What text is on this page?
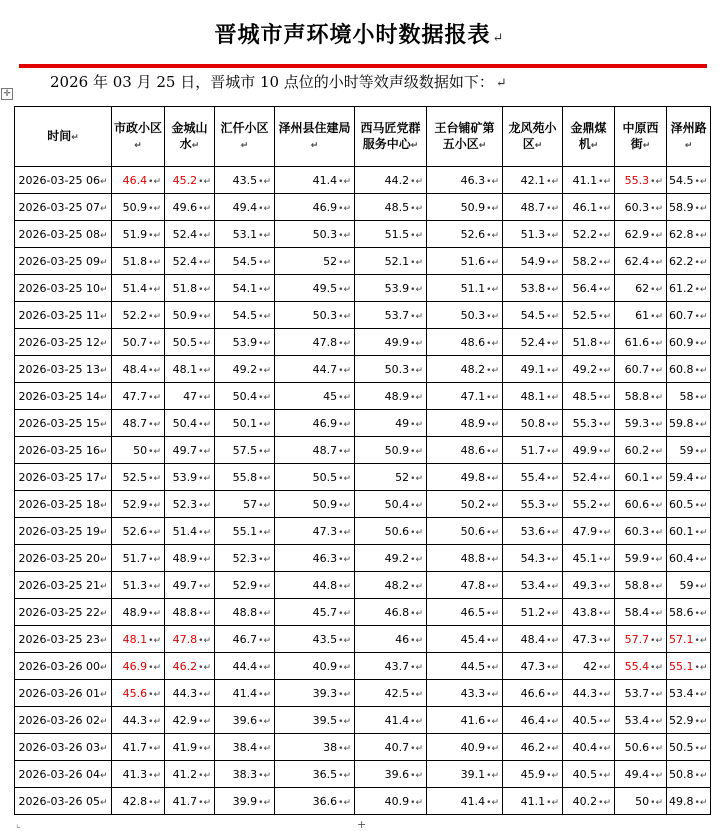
晋城市声环境小时数据报表 ↵
2026 年 03 月 25 日，晋城市 10 点位的小时等效声级数据如下： ↵
✛
时间↵	市政小区↵	金城山水↵	汇仟小区↵	泽州县住建局↵	西马匠党群服务中心↵	王台铺矿第五小区↵	龙风苑小区↵	金鼎煤机↵	中原西街↵	泽州路↵
2026-03-25 06↵	46.4•↵	45.2•↵	43.5•↵	41.4•↵	44.2•↵	46.3•↵	42.1•↵	41.1•↵	55.3•↵	54.5•↵
2026-03-25 07↵	50.9•↵	49.6•↵	49.4•↵	46.9•↵	48.5•↵	50.9•↵	48.7•↵	46.1•↵	60.3•↵	58.9•↵
2026-03-25 08↵	51.9•↵	52.4•↵	53.1•↵	50.3•↵	51.5•↵	52.6•↵	51.3•↵	52.2•↵	62.9•↵	62.8•↵
2026-03-25 09↵	51.8•↵	52.4•↵	54.5•↵	52•↵	52.1•↵	51.6•↵	54.9•↵	58.2•↵	62.4•↵	62.2•↵
2026-03-25 10↵	51.4•↵	51.8•↵	54.1•↵	49.5•↵	53.9•↵	51.1•↵	53.8•↵	56.4•↵	62•↵	61.2•↵
2026-03-25 11↵	52.2•↵	50.9•↵	54.5•↵	50.3•↵	53.7•↵	50.3•↵	54.5•↵	52.5•↵	61•↵	60.7•↵
2026-03-25 12↵	50.7•↵	50.5•↵	53.9•↵	47.8•↵	49.9•↵	48.6•↵	52.4•↵	51.8•↵	61.6•↵	60.9•↵
2026-03-25 13↵	48.4•↵	48.1•↵	49.2•↵	44.7•↵	50.3•↵	48.2•↵	49.1•↵	49.2•↵	60.7•↵	60.8•↵
2026-03-25 14↵	47.7•↵	47•↵	50.4•↵	45•↵	48.9•↵	47.1•↵	48.1•↵	48.5•↵	58.8•↵	58•↵
2026-03-25 15↵	48.7•↵	50.4•↵	50.1•↵	46.9•↵	49•↵	48.9•↵	50.8•↵	55.3•↵	59.3•↵	59.8•↵
2026-03-25 16↵	50•↵	49.7•↵	57.5•↵	48.7•↵	50.9•↵	48.6•↵	51.7•↵	49.9•↵	60.2•↵	59•↵
2026-03-25 17↵	52.5•↵	53.9•↵	55.8•↵	50.5•↵	52•↵	49.8•↵	55.4•↵	52.4•↵	60.1•↵	59.4•↵
2026-03-25 18↵	52.9•↵	52.3•↵	57•↵	50.9•↵	50.4•↵	50.2•↵	55.3•↵	55.2•↵	60.6•↵	60.5•↵
2026-03-25 19↵	52.6•↵	51.4•↵	55.1•↵	47.3•↵	50.6•↵	50.6•↵	53.6•↵	47.9•↵	60.3•↵	60.1•↵
2026-03-25 20↵	51.7•↵	48.9•↵	52.3•↵	46.3•↵	49.2•↵	48.8•↵	54.3•↵	45.1•↵	59.9•↵	60.4•↵
2026-03-25 21↵	51.3•↵	49.7•↵	52.9•↵	44.8•↵	48.2•↵	47.8•↵	53.4•↵	49.3•↵	58.8•↵	59•↵
2026-03-25 22↵	48.9•↵	48.8•↵	48.8•↵	45.7•↵	46.8•↵	46.5•↵	51.2•↵	43.8•↵	58.4•↵	58.6•↵
2026-03-25 23↵	48.1•↵	47.8•↵	46.7•↵	43.5•↵	46•↵	45.4•↵	48.4•↵	47.3•↵	57.7•↵	57.1•↵
2026-03-26 00↵	46.9•↵	46.2•↵	44.4•↵	40.9•↵	43.7•↵	44.5•↵	47.3•↵	42•↵	55.4•↵	55.1•↵
2026-03-26 01↵	45.6•↵	44.3•↵	41.4•↵	39.3•↵	42.5•↵	43.3•↵	46.6•↵	44.3•↵	53.7•↵	53.4•↵
2026-03-26 02↵	44.3•↵	42.9•↵	39.6•↵	39.5•↵	41.4•↵	41.6•↵	46.4•↵	40.5•↵	53.4•↵	52.9•↵
2026-03-26 03↵	41.7•↵	41.9•↵	38.4•↵	38•↵	40.7•↵	40.9•↵	46.2•↵	40.4•↵	50.6•↵	50.5•↵
2026-03-26 04↵	41.3•↵	41.2•↵	38.3•↵	36.5•↵	39.6•↵	39.1•↵	45.9•↵	40.5•↵	49.4•↵	50.8•↵
2026-03-26 05↵	42.8•↵	41.7•↵	39.9•↵	36.6•↵	40.9•↵	41.4•↵	41.1•↵	40.2•↵	50•↵	49.8•↵
⌞	+
